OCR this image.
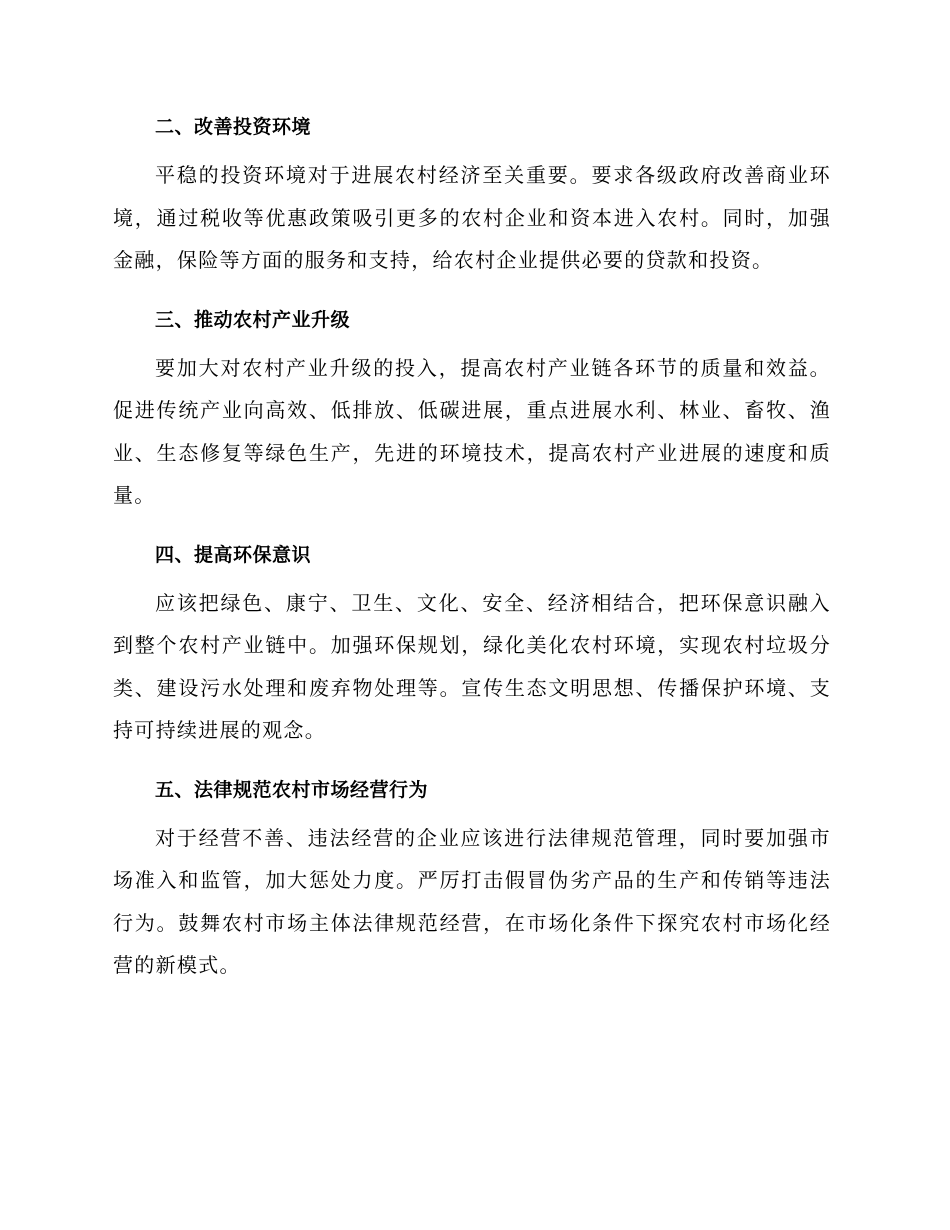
二、改善投资环境

平稳的投资环境对于进展农村经济至关重要。要求各级政府改善商业环境，通过税收等优惠政策吸引更多的农村企业和资本进入农村。同时，加强金融，保险等方面的服务和支持，给农村企业提供必要的贷款和投资。

三、推动农村产业升级

要加大对农村产业升级的投入，提高农村产业链各环节的质量和效益。促进传统产业向高效、低排放、低碳进展，重点进展水利、林业、畜牧、渔业、生态修复等绿色生产，先进的环境技术，提高农村产业进展的速度和质量。

四、提高环保意识

应该把绿色、康宁、卫生、文化、安全、经济相结合，把环保意识融入到整个农村产业链中。加强环保规划，绿化美化农村环境，实现农村垃圾分类、建设污水处理和废弃物处理等。宣传生态文明思想、传播保护环境、支持可持续进展的观念。

五、法律规范农村市场经营行为

对于经营不善、违法经营的企业应该进行法律规范管理，同时要加强市场准入和监管，加大惩处力度。严厉打击假冒伪劣产品的生产和传销等违法行为。鼓舞农村市场主体法律规范经营，在市场化条件下探究农村市场化经营的新模式。
